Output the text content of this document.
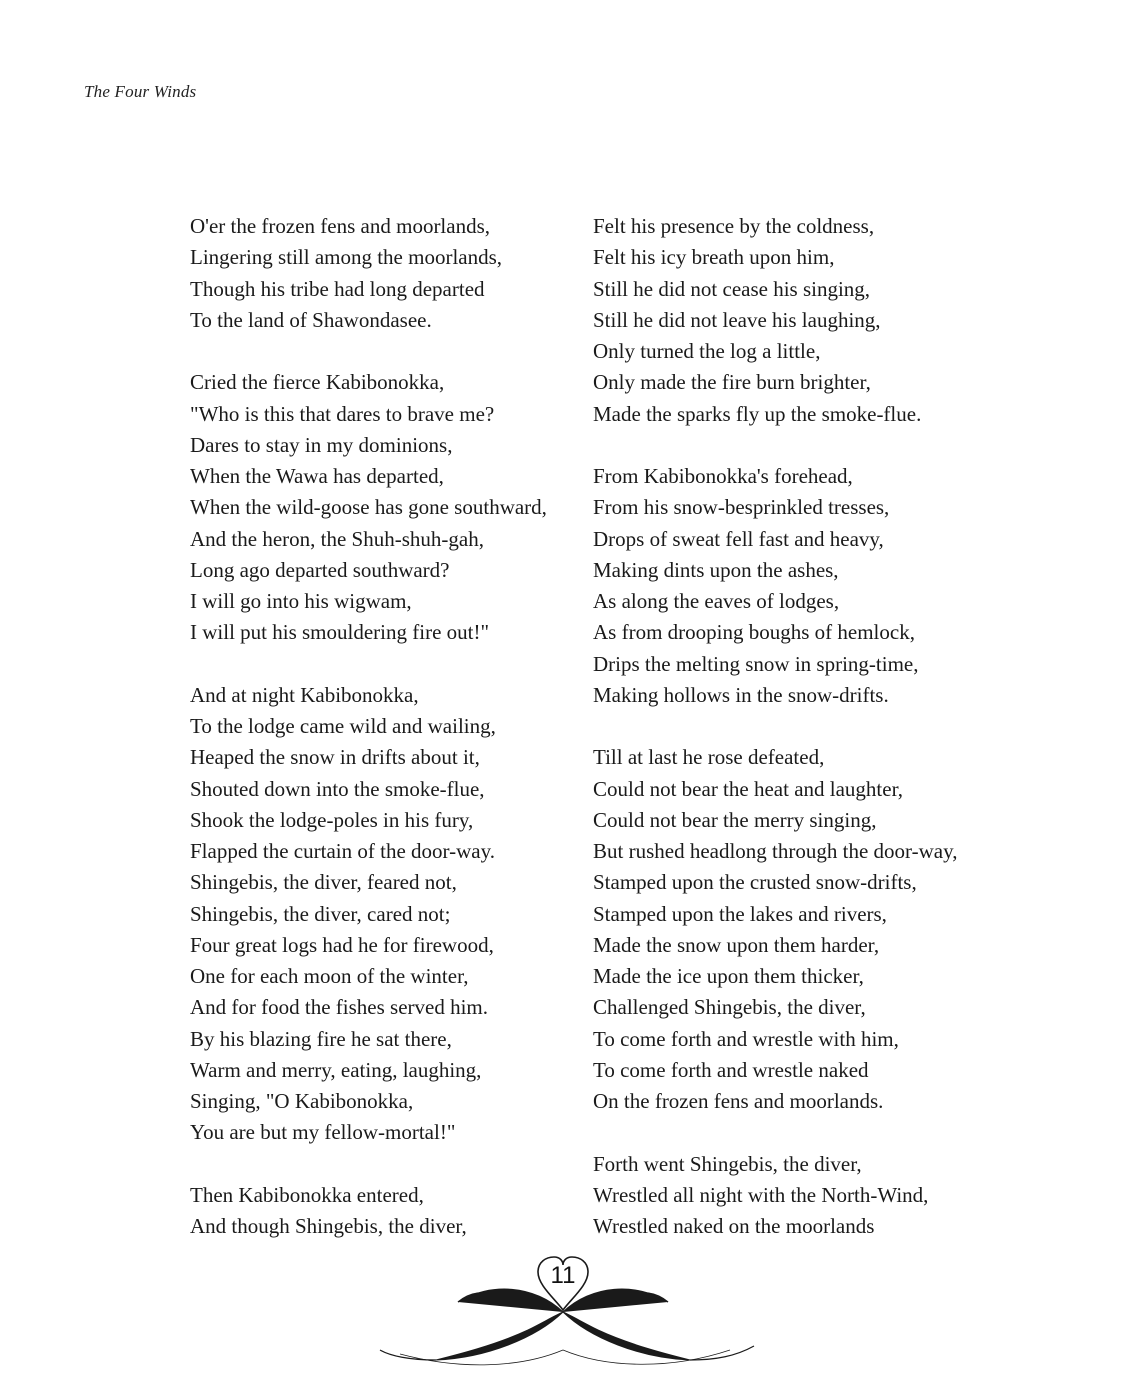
The Four Winds
O'er the frozen fens and moorlands,
Lingering still among the moorlands,
Though his tribe had long departed
To the land of Shawondasee.
Cried the fierce Kabibonokka,
"Who is this that dares to brave me?
Dares to stay in my dominions,
When the Wawa has departed,
When the wild-goose has gone southward,
And the heron, the Shuh-shuh-gah,
Long ago departed southward?
I will go into his wigwam,
I will put his smouldering fire out!"
And at night Kabibonokka,
To the lodge came wild and wailing,
Heaped the snow in drifts about it,
Shouted down into the smoke-flue,
Shook the lodge-poles in his fury,
Flapped the curtain of the door-way.
Shingebis, the diver, feared not,
Shingebis, the diver, cared not;
Four great logs had he for firewood,
One for each moon of the winter,
And for food the fishes served him.
By his blazing fire he sat there,
Warm and merry, eating, laughing,
Singing, "O Kabibonokka,
You are but my fellow-mortal!"
Then Kabibonokka entered,
And though Shingebis, the diver,
Felt his presence by the coldness,
Felt his icy breath upon him,
Still he did not cease his singing,
Still he did not leave his laughing,
Only turned the log a little,
Only made the fire burn brighter,
Made the sparks fly up the smoke-flue.
From Kabibonokka's forehead,
From his snow-besprinkled tresses,
Drops of sweat fell fast and heavy,
Making dints upon the ashes,
As along the eaves of lodges,
As from drooping boughs of hemlock,
Drips the melting snow in spring-time,
Making hollows in the snow-drifts.
Till at last he rose defeated,
Could not bear the heat and laughter,
Could not bear the merry singing,
But rushed headlong through the door-way,
Stamped upon the crusted snow-drifts,
Stamped upon the lakes and rivers,
Made the snow upon them harder,
Made the ice upon them thicker,
Challenged Shingebis, the diver,
To come forth and wrestle with him,
To come forth and wrestle naked
On the frozen fens and moorlands.
Forth went Shingebis, the diver,
Wrestled all night with the North-Wind,
Wrestled naked on the moorlands
11
